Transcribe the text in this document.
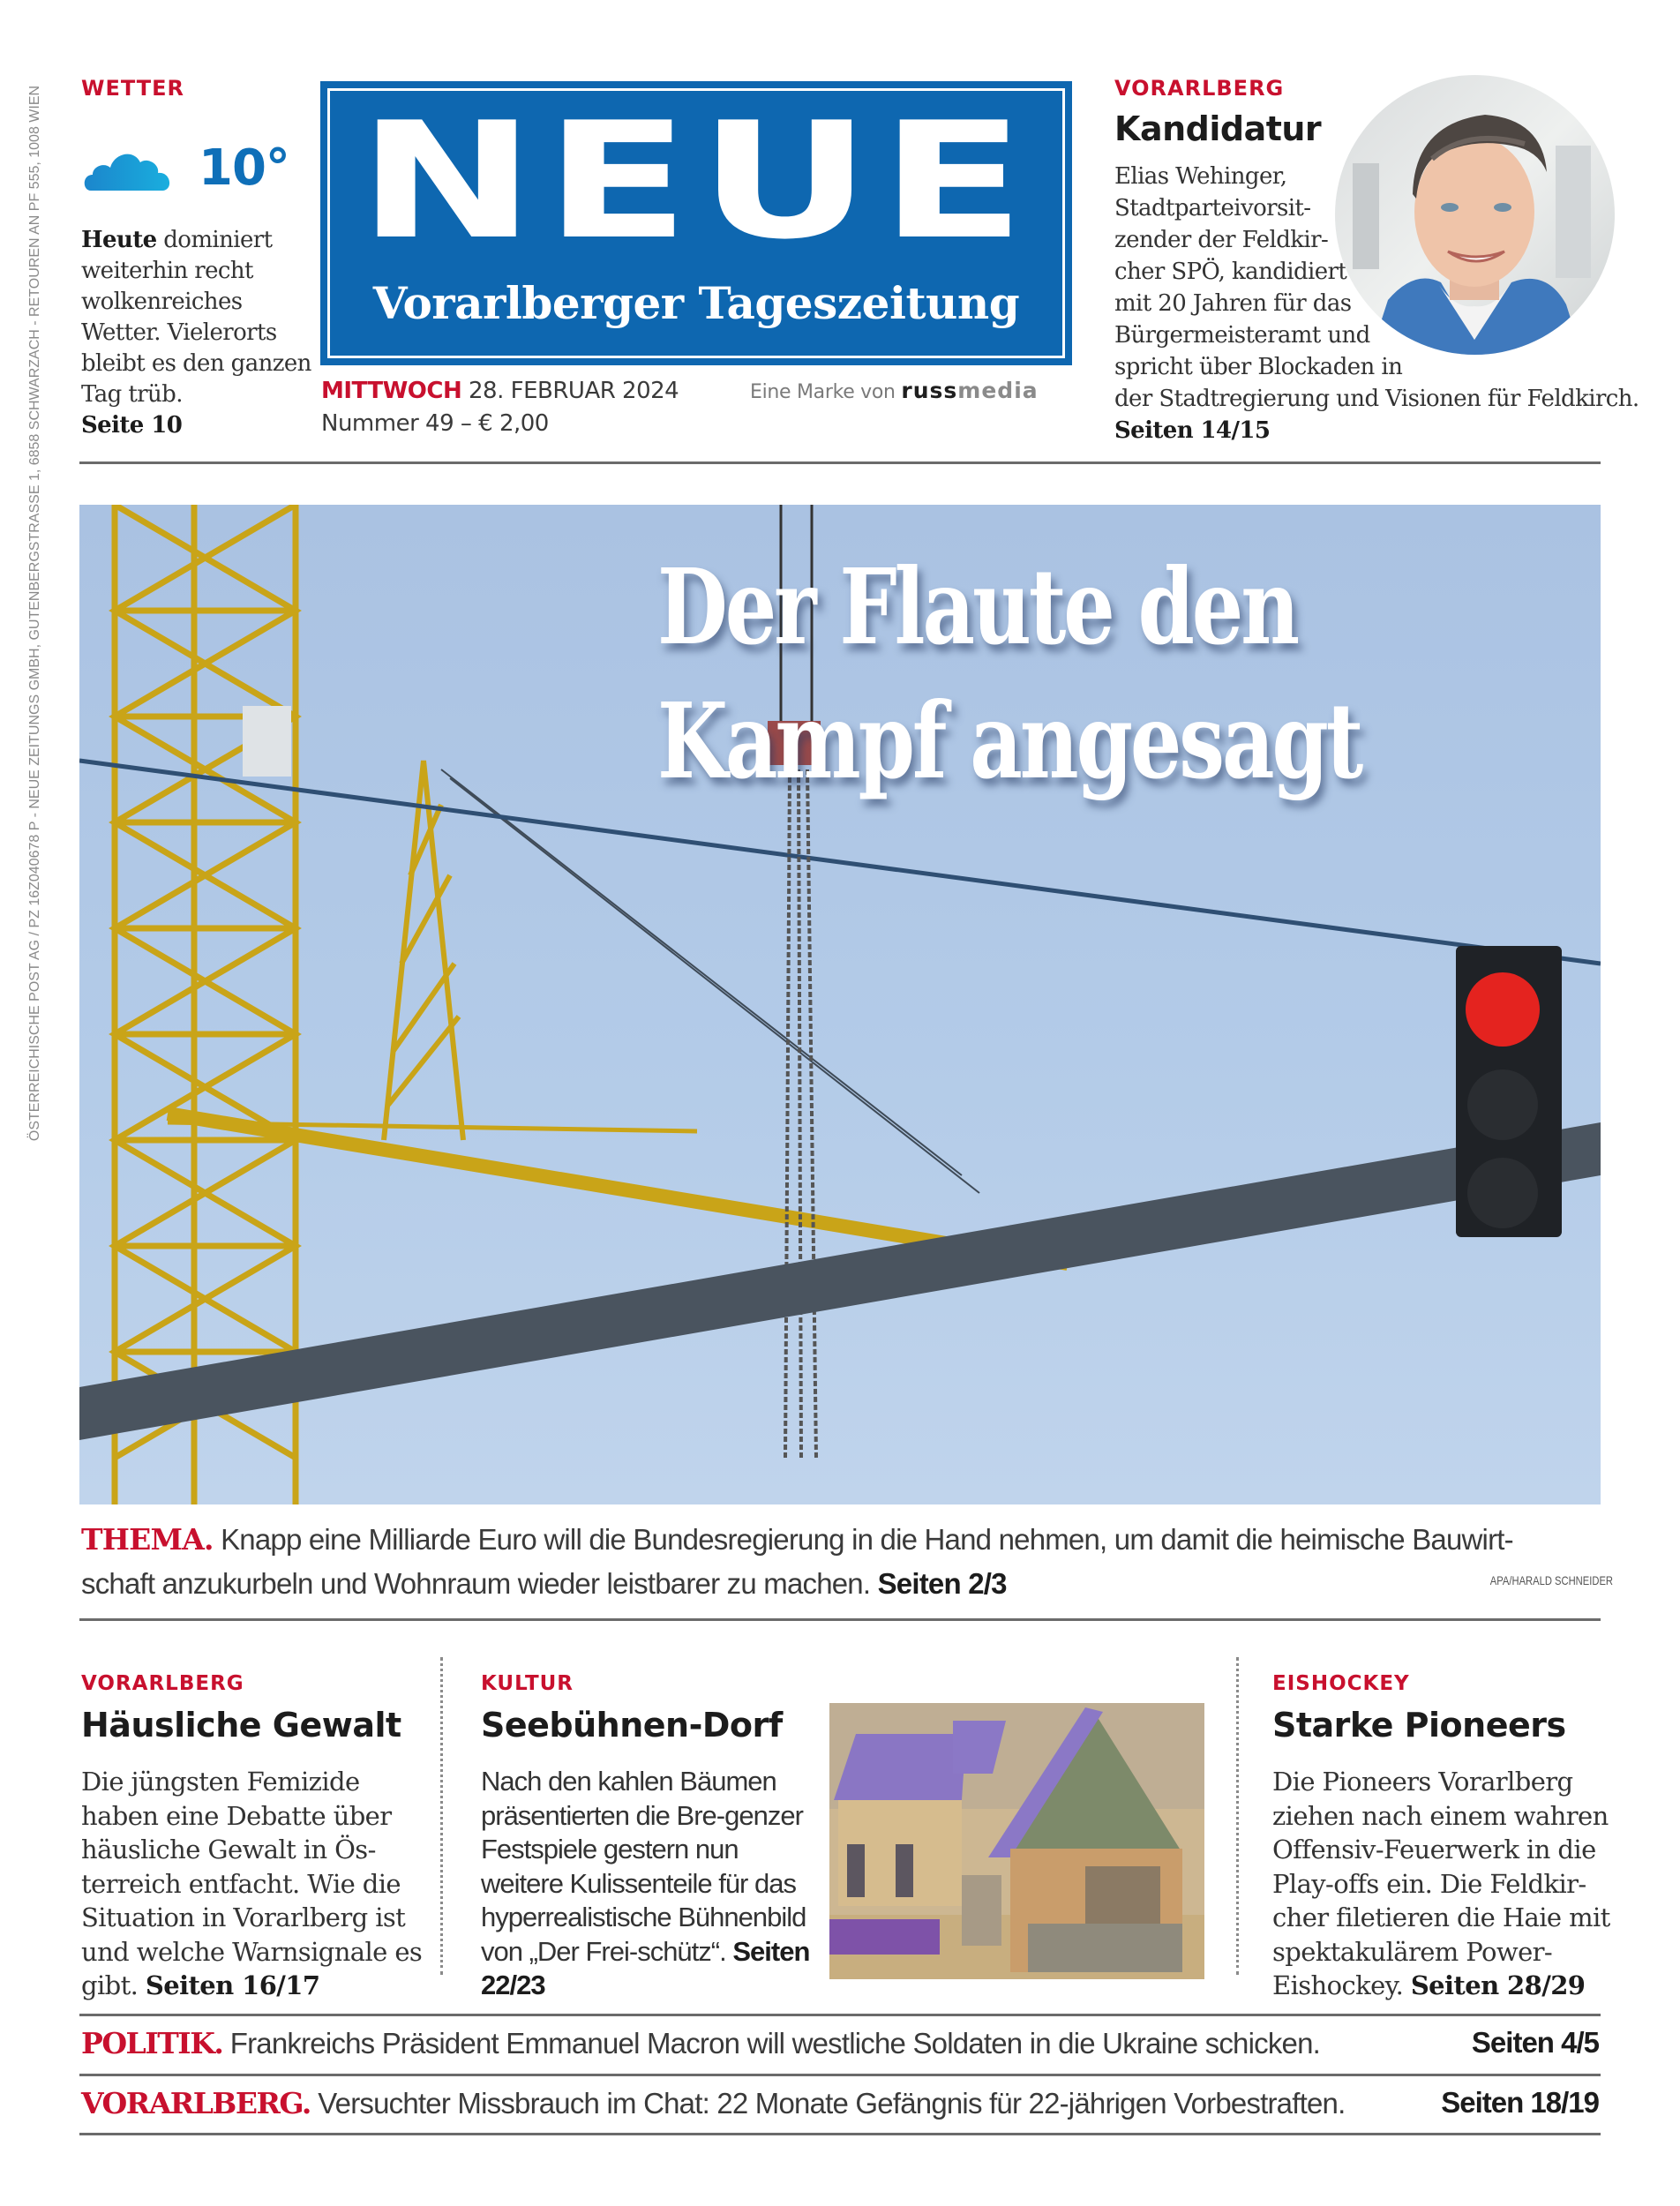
ÖSTERREICHISCHE POST AG / PZ 16Z040678 P - NEUE ZEITUNGS GMBH, GUTENBERGSTRASSE 1, 6858 SCHWARZACH - RETOUREN AN PF 555, 1008 WIEN WETTER
10°
Heute dominiert weiterhin recht wolkenreiches Wetter. Vielerorts bleibt es den ganzen Tag trüb.
Seite 10
NEUE
Vorarlberger Tageszeitung
MITTWOCH 28. FEBRUAR 2024
Nummer 49 – € 2,00
Eine Marke von russmedia
VORARLBERG
Kandidatur
Elias Wehinger,
Stadtparteivorsit-
zender der Feldkir-
cher SPÖ, kandidiert
mit 20 Jahren für das
Bürgermeisteramt und
spricht über Blockaden in
der Stadtregierung und Visionen für Feldkirch.
Seiten 14/15
Der Flaute den
Kampf angesagt
THEMA. Knapp eine Milliarde Euro will die Bundesregierung in die Hand nehmen, um damit die heimische Bauwirt-schaft anzukurbeln und Wohnraum wieder leistbarer zu machen. Seiten 2/3	APA/HARALD SCHNEIDER
VORARLBERG
Häusliche Gewalt
Die jüngsten Femizide haben eine Debatte über häusliche Gewalt in Ös-terreich entfacht. Wie die Situation in Vorarlberg ist und welche Warnsignale es gibt. Seiten 16/17
KULTUR
Seebühnen-Dorf
Nach den kahlen Bäumen präsentierten die Bre-genzer Festspiele gestern nun weitere Kulissenteile für das hyperrealistische Bühnenbild von „Der Frei-schütz“. Seiten 22/23
EISHOCKEY
Starke Pioneers
Die Pioneers Vorarlberg ziehen nach einem wahren Offensiv-Feuerwerk in die Play-offs ein. Die Feldkir-cher filetieren die Haie mit spektakulärem Power-Eishockey. Seiten 28/29
POLITIK. Frankreichs Präsident Emmanuel Macron will westliche Soldaten in die Ukraine schicken.	Seiten 4/5
VORARLBERG. Versuchter Missbrauch im Chat: 22 Monate Gefängnis für 22-jährigen Vorbestraften.	Seiten 18/19
